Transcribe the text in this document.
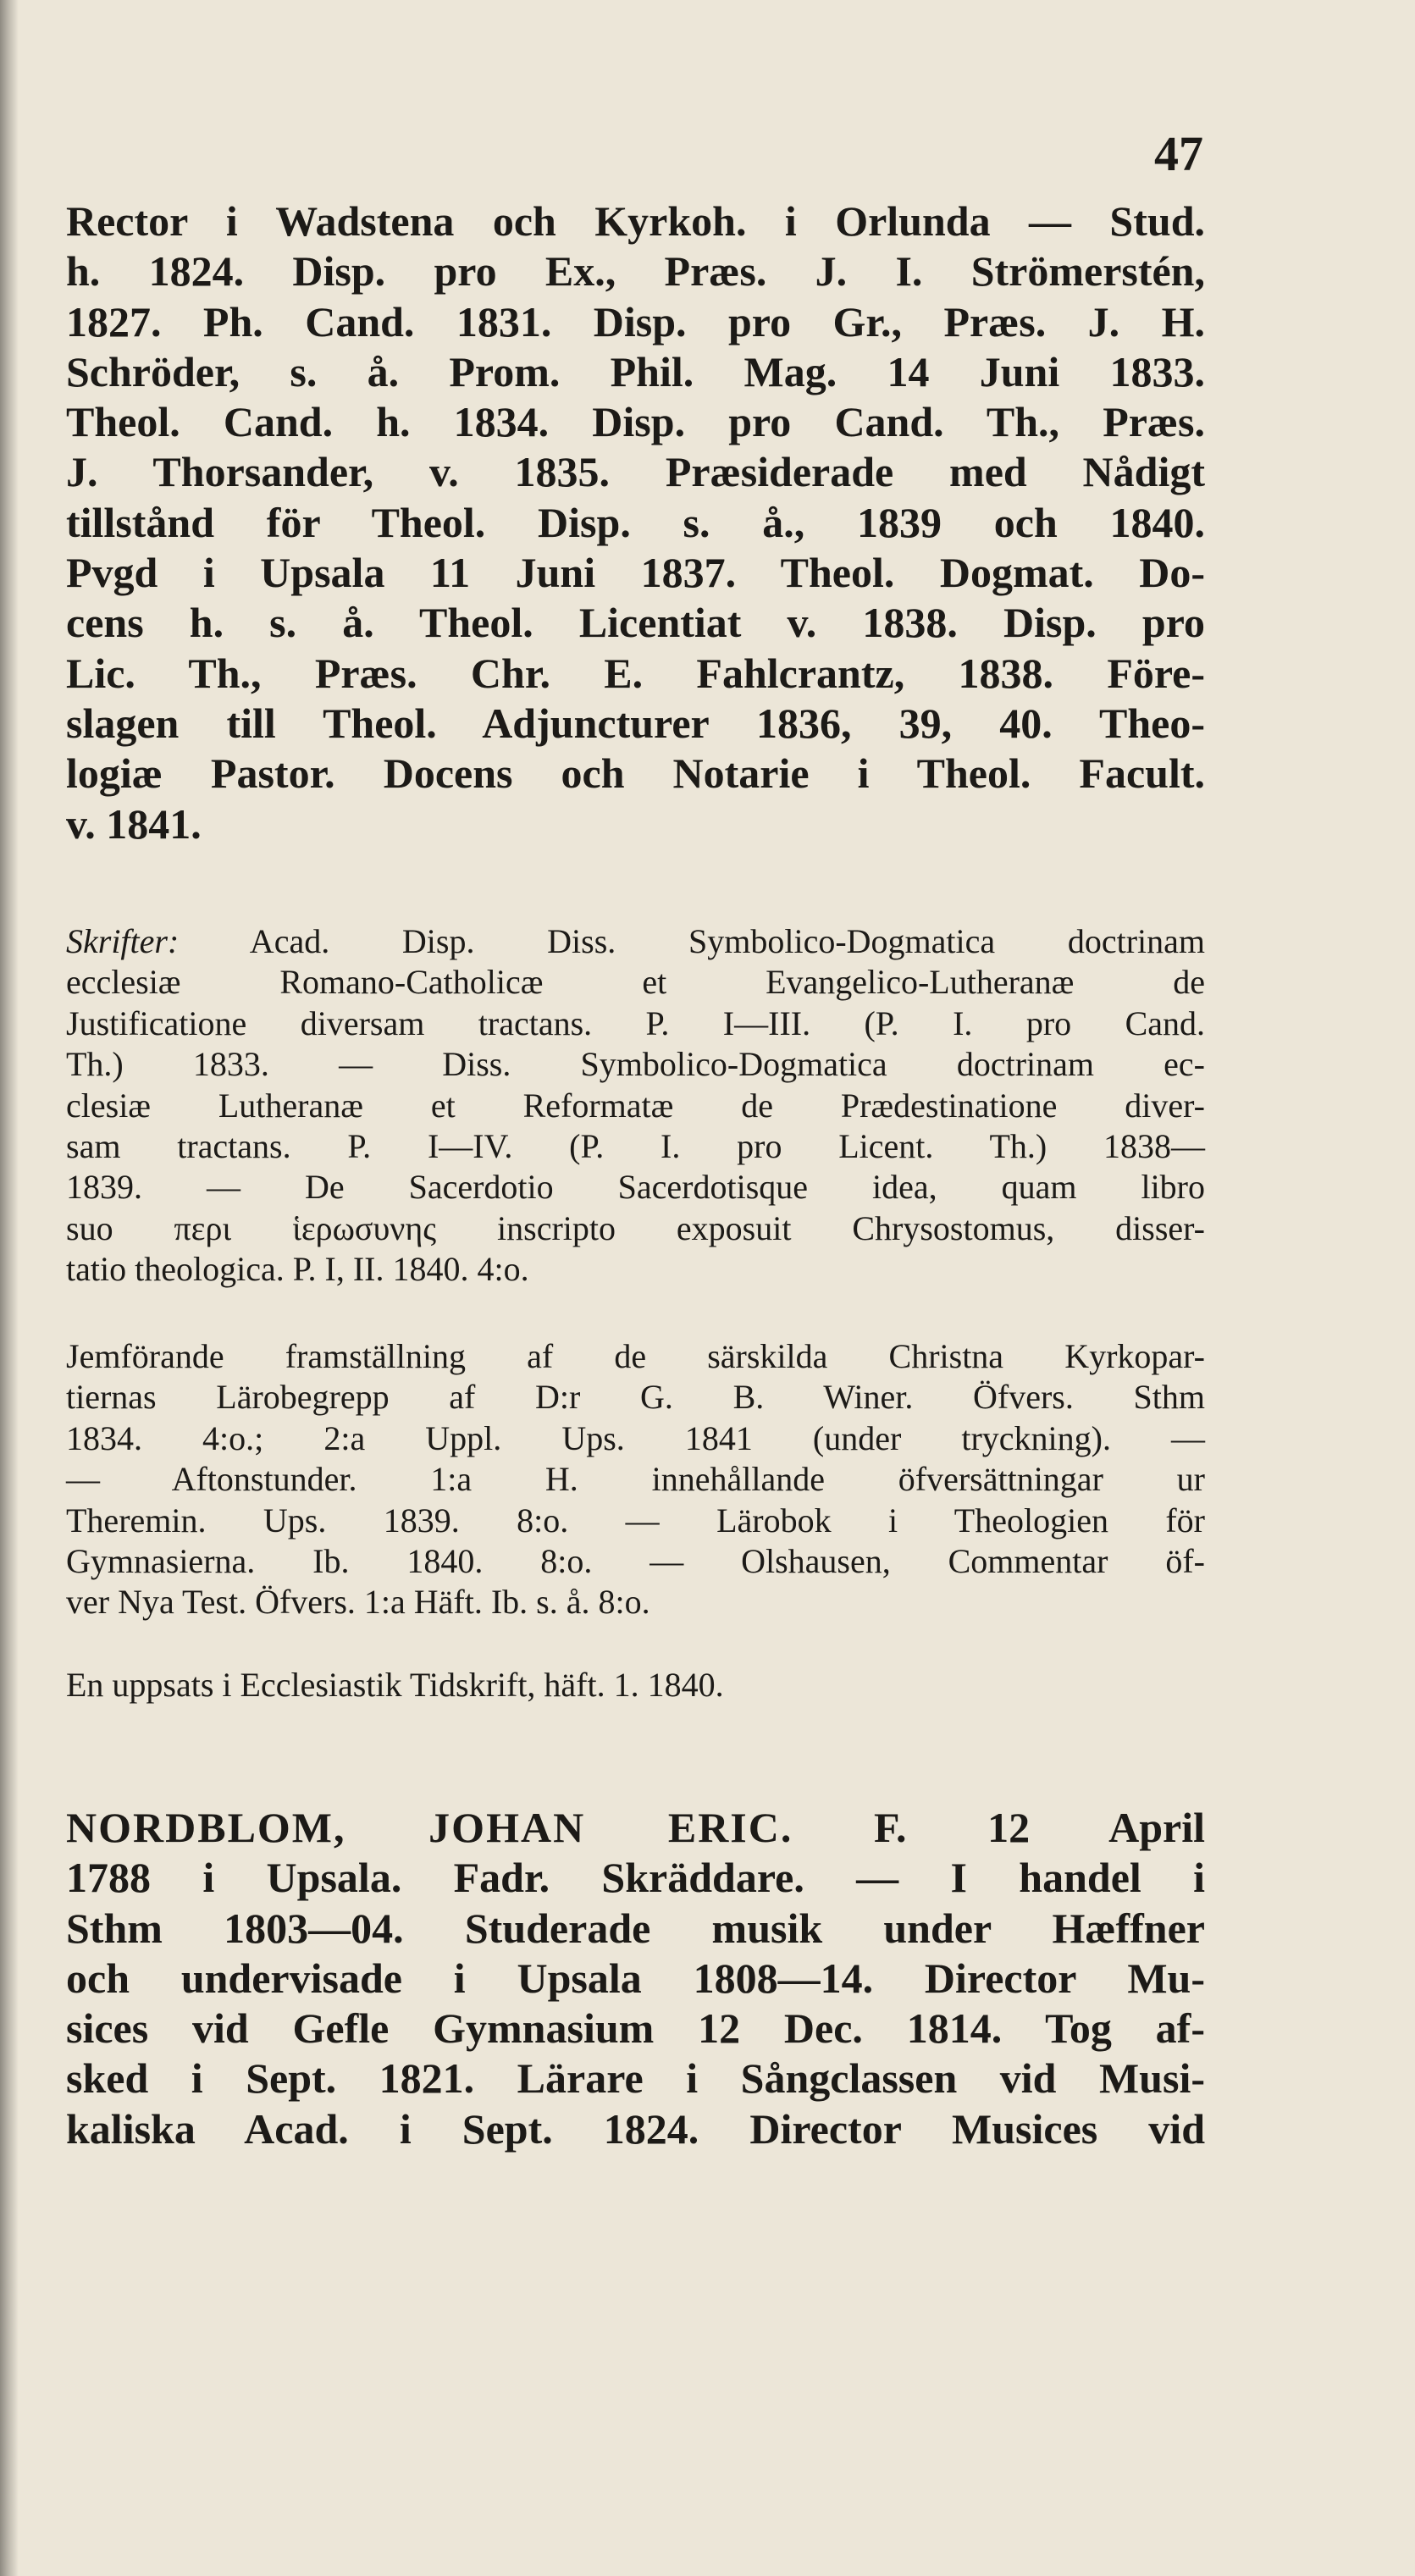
47
Rector i Wadstena och Kyrkoh. i Orlunda — Stud.
h. 1824. Disp. pro Ex., Præs. J. I. Strömerstén,
1827. Ph. Cand. 1831. Disp. pro Gr., Præs. J. H.
Schröder, s. å. Prom. Phil. Mag. 14 Juni 1833.
Theol. Cand. h. 1834. Disp. pro Cand. Th., Præs.
J. Thorsander, v. 1835. Præsiderade med Nådigt
tillstånd för Theol. Disp. s. å., 1839 och 1840.
Pvgd i Upsala 11 Juni 1837. Theol. Dogmat. Do-
cens h. s. å. Theol. Licentiat v. 1838. Disp. pro
Lic. Th., Præs. Chr. E. Fahlcrantz, 1838. Före-
slagen till Theol. Adjuncturer 1836, 39, 40. Theo-
logiæ Pastor. Docens och Notarie i Theol. Facult.
v. 1841.
Skrifter: Acad. Disp. Diss. Symbolico-Dogmatica doctrinam
ecclesiæ Romano-Catholicæ et Evangelico-Lutheranæ de
Justificatione diversam tractans. P. I—III. (P. I. pro Cand.
Th.) 1833. — Diss. Symbolico-Dogmatica doctrinam ec-
clesiæ Lutheranæ et Reformatæ de Prædestinatione diver-
sam tractans. P. I—IV. (P. I. pro Licent. Th.) 1838—
1839. — De Sacerdotio Sacerdotisque idea, quam libro
suo περι ἱερωσυνης inscripto exposuit Chrysostomus, disser-
tatio theologica. P. I, II. 1840. 4:o.
Jemförande framställning af de särskilda Christna Kyrkopar-
tiernas Lärobegrepp af D:r G. B. Winer. Öfvers. Sthm
1834. 4:o.; 2:a Uppl. Ups. 1841 (under tryckning). —
— Aftonstunder. 1:a H. innehållande öfversättningar ur
Theremin. Ups. 1839. 8:o. — Lärobok i Theologien för
Gymnasierna. Ib. 1840. 8:o. — Olshausen, Commentar öf-
ver Nya Test. Öfvers. 1:a Häft. Ib. s. å. 8:o.
En uppsats i Ecclesiastik Tidskrift, häft. 1. 1840.
NORDBLOM, JOHAN ERIC. F. 12 April
1788 i Upsala. Fadr. Skräddare. — I handel i
Sthm 1803—04. Studerade musik under Hæffner
och undervisade i Upsala 1808—14. Director Mu-
sices vid Gefle Gymnasium 12 Dec. 1814. Tog af-
sked i Sept. 1821. Lärare i Sångclassen vid Musi-
kaliska Acad. i Sept. 1824. Director Musices vid
